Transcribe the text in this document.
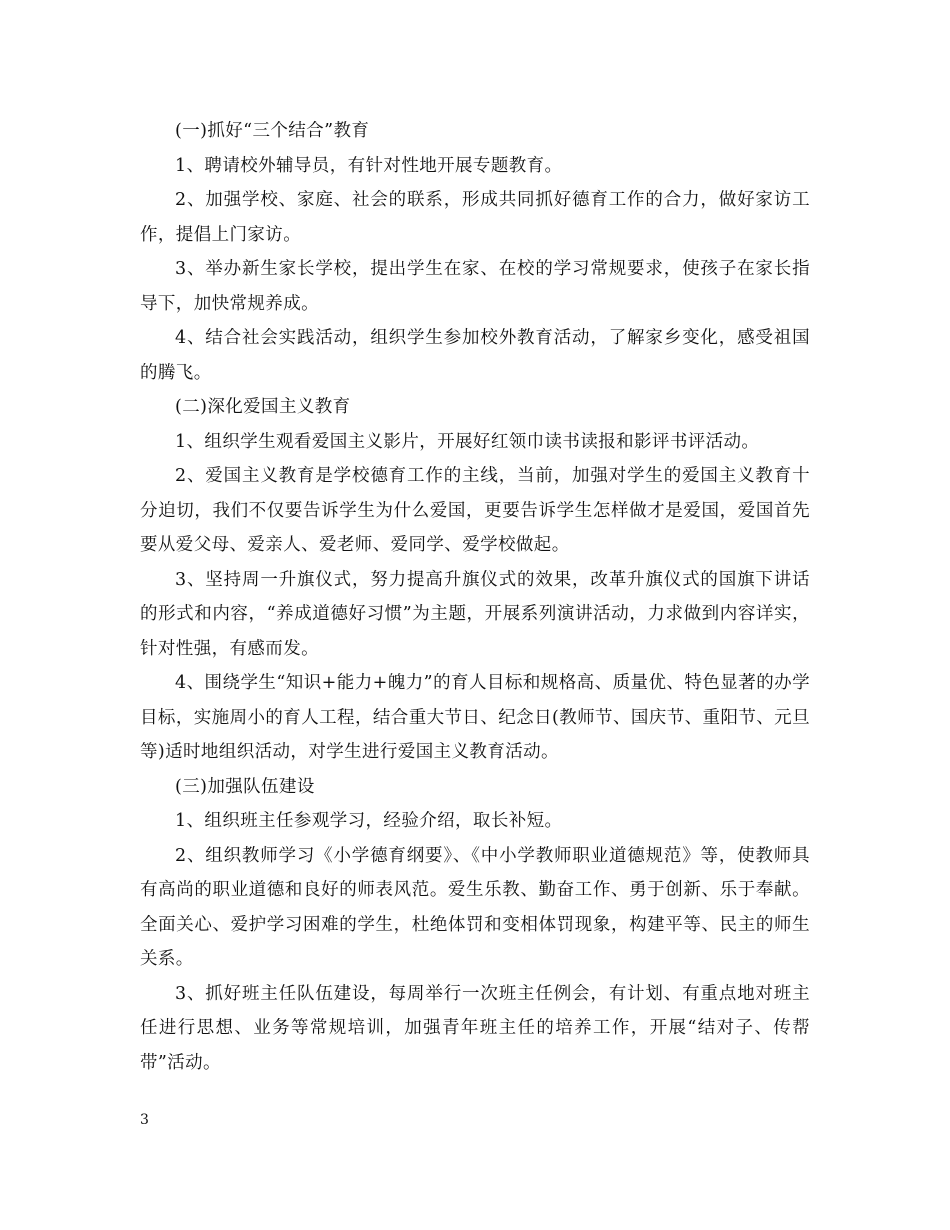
(一)抓好“三个结合”教育

1、聘请校外辅导员，有针对性地开展专题教育。

2、加强学校、家庭、社会的联系，形成共同抓好德育工作的合力，做好家访工作，提倡上门家访。

3、举办新生家长学校，提出学生在家、在校的学习常规要求，使孩子在家长指导下，加快常规养成。

4、结合社会实践活动，组织学生参加校外教育活动，了解家乡变化，感受祖国的腾飞。

(二)深化爱国主义教育

1、组织学生观看爱国主义影片，开展好红领巾读书读报和影评书评活动。

2、爱国主义教育是学校德育工作的主线，当前，加强对学生的爱国主义教育十分迫切，我们不仅要告诉学生为什么爱国，更要告诉学生怎样做才是爱国，爱国首先要从爱父母、爱亲人、爱老师、爱同学、爱学校做起。

3、坚持周一升旗仪式，努力提高升旗仪式的效果，改革升旗仪式的国旗下讲话的形式和内容，“养成道德好习惯”为主题，开展系列演讲活动，力求做到内容详实，针对性强，有感而发。

4、围绕学生“知识+能力+魄力”的育人目标和规格高、质量优、特色显著的办学目标，实施周小的育人工程，结合重大节日、纪念日(教师节、国庆节、重阳节、元旦等)适时地组织活动，对学生进行爱国主义教育活动。

(三)加强队伍建设

1、组织班主任参观学习，经验介绍，取长补短。

2、组织教师学习《小学德育纲要》、《中小学教师职业道德规范》等，使教师具有高尚的职业道德和良好的师表风范。爱生乐教、勤奋工作、勇于创新、乐于奉献。全面关心、爱护学习困难的学生，杜绝体罚和变相体罚现象，构建平等、民主的师生关系。

3、抓好班主任队伍建设，每周举行一次班主任例会，有计划、有重点地对班主任进行思想、业务等常规培训，加强青年班主任的培养工作，开展“结对子、传帮带”活动。

3
